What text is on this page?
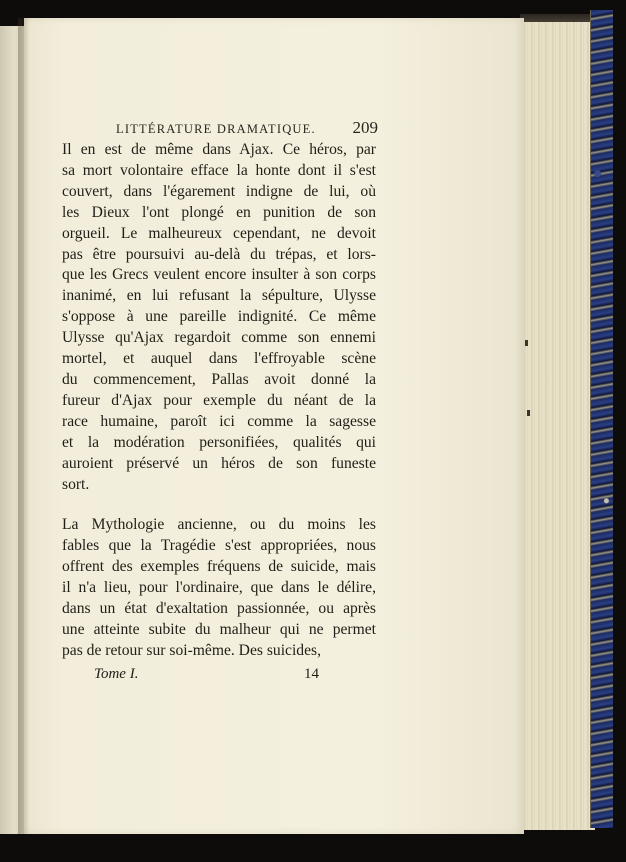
LITTÉRATURE DRAMATIQUE. 209

Il en est de même dans Ajax. Ce héros, par

sa mort volontaire efface la honte dont il s'est

couvert, dans l'égarement indigne de lui, où

les Dieux l'ont plongé en punition de son

orgueil. Le malheureux cependant, ne devoit

pas être poursuivi au-delà du trépas, et lors-

que les Grecs veulent encore insulter à son corps

inanimé, en lui refusant la sépulture, Ulysse

s'oppose à une pareille indignité. Ce même

Ulysse qu'Ajax regardoit comme son ennemi

mortel, et auquel dans l'effroyable scène

du commencement, Pallas avoit donné la

fureur d'Ajax pour exemple du néant de la

race humaine, paroît ici comme la sagesse

et la modération personifiées, qualités qui

auroient préservé un héros de son funeste

sort.

La Mythologie ancienne, ou du moins les

fables que la Tragédie s'est appropriées, nous

offrent des exemples fréquens de suicide, mais

il n'a lieu, pour l'ordinaire, que dans le délire,

dans un état d'exaltation passionnée, ou après

une atteinte subite du malheur qui ne permet

pas de retour sur soi-même. Des suicides,

Tome I.	14
